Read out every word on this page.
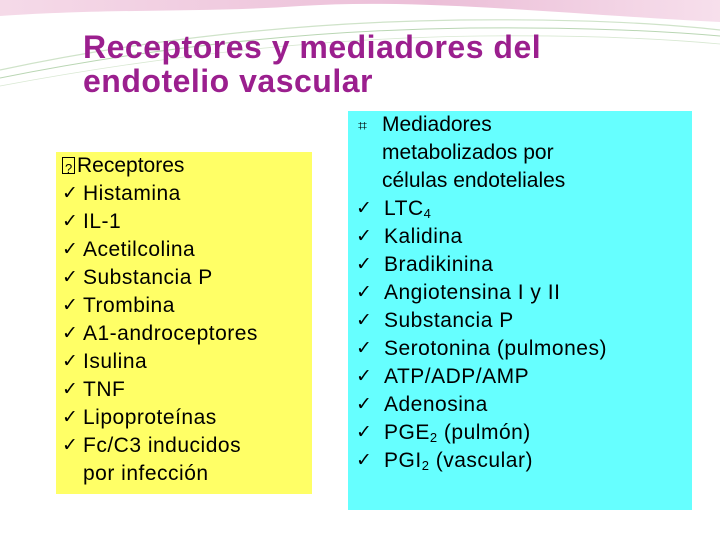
Receptores y mediadores del
endotelio vascular
?
Receptores
✓ Histamina
✓ IL-1
✓ Acetilcolina
✓ Substancia P
✓ Trombina
✓ A1-androceptores
✓ Isulina
✓ TNF
✓ Lipoproteínas
✓ Fc/C3 inducidos
por infección
⌗ Mediadores
metabolizados por
células endoteliales
✓ $LTC_4$
✓ Kalidina
✓ Bradikinina
✓ Angiotensina I y II
✓ Substancia P
✓ Serotonina (pulmones)
✓ ATP/ADP/AMP
✓ Adenosina
✓ $PGE_2$ (pulmón)
✓ $PGI_2$ (vascular)
